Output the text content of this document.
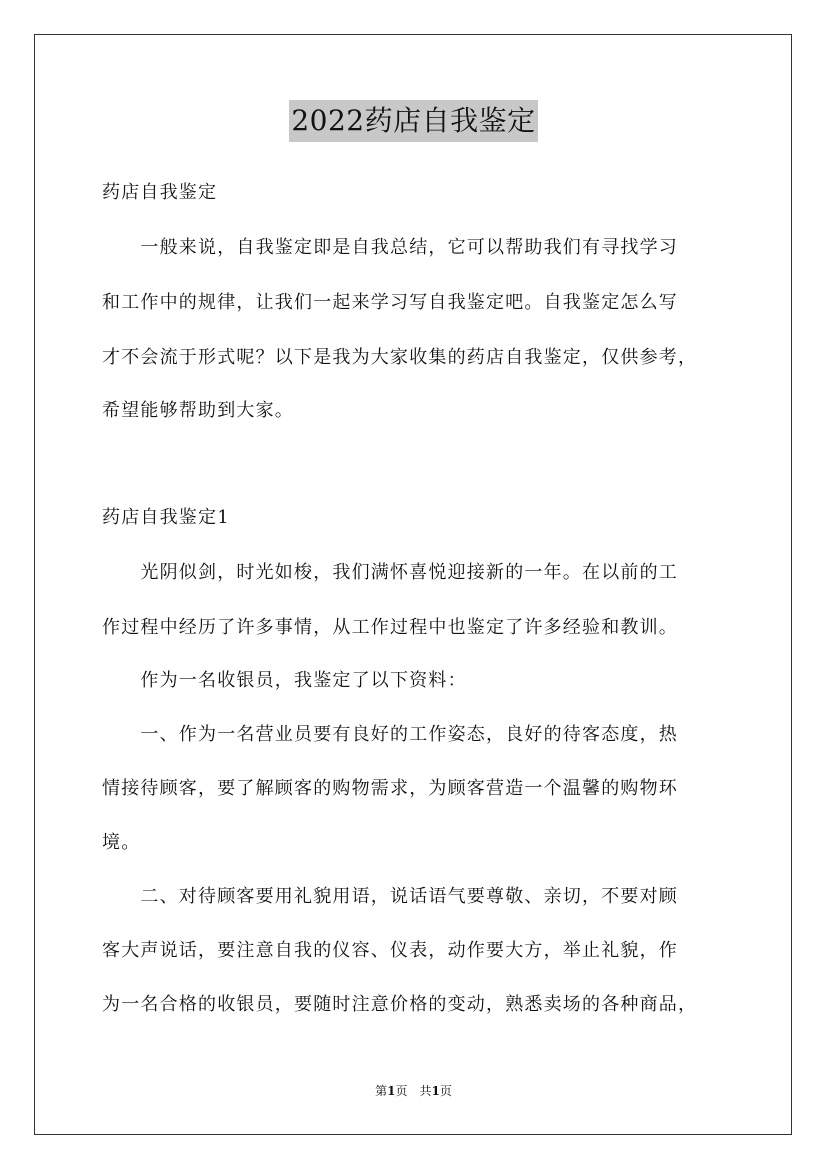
2022药店自我鉴定
药店自我鉴定
　　一般来说，自我鉴定即是自我总结，它可以帮助我们有寻找学习
和工作中的规律，让我们一起来学习写自我鉴定吧。自我鉴定怎么写
才不会流于形式呢？以下是我为大家收集的药店自我鉴定，仅供参考，
希望能够帮助到大家。
药店自我鉴定1
　　光阴似剑，时光如梭，我们满怀喜悦迎接新的一年。在以前的工
作过程中经历了许多事情，从工作过程中也鉴定了许多经验和教训。
　　作为一名收银员，我鉴定了以下资料：
　　一、作为一名营业员要有良好的工作姿态，良好的待客态度，热
情接待顾客，要了解顾客的购物需求，为顾客营造一个温馨的购物环
境。
　　二、对待顾客要用礼貌用语，说话语气要尊敬、亲切，不要对顾
客大声说话，要注意自我的仪容、仪表，动作要大方，举止礼貌，作
为一名合格的收银员，要随时注意价格的变动，熟悉卖场的各种商品，
第1页　共1页
